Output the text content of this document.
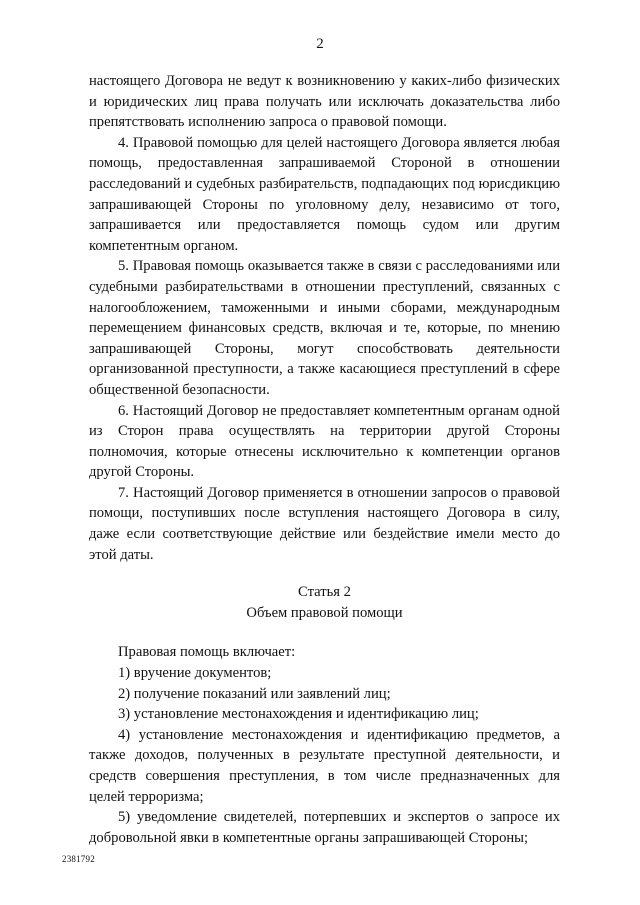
2

настоящего Договора не ведут к возникновению у каких-либо физических и юридических лиц права получать или исключать доказательства либо препятствовать исполнению запроса о правовой помощи.

4. Правовой помощью для целей настоящего Договора является любая помощь, предоставленная запрашиваемой Стороной в отношении расследований и судебных разбирательств, подпадающих под юрисдикцию запрашивающей Стороны по уголовному делу, независимо от того, запрашивается или предоставляется помощь судом или другим компетентным органом.

5. Правовая помощь оказывается также в связи с расследованиями или судебными разбирательствами в отношении преступлений, связанных с налогообложением, таможенными и иными сборами, международным перемещением финансовых средств, включая и те, которые, по мнению запрашивающей Стороны, могут способствовать деятельности организованной преступности, а также касающиеся преступлений в сфере общественной безопасности.

6. Настоящий Договор не предоставляет компетентным органам одной из Сторон права осуществлять на территории другой Стороны полномочия, которые отнесены исключительно к компетенции органов другой Стороны.

7. Настоящий Договор применяется в отношении запросов о правовой помощи, поступивших после вступления настоящего Договора в силу, даже если соответствующие действие или бездействие имели место до этой даты.

Статья 2
Объем правовой помощи

Правовая помощь включает:

1) вручение документов;

2) получение показаний или заявлений лиц;

3) установление местонахождения и идентификацию лиц;

4) установление местонахождения и идентификацию предметов, а также доходов, полученных в результате преступной деятельности, и средств совершения преступления, в том числе предназначенных для целей терроризма;

5) уведомление свидетелей, потерпевших и экспертов о запросе их добровольной явки в компетентные органы запрашивающей Стороны;

2381792
